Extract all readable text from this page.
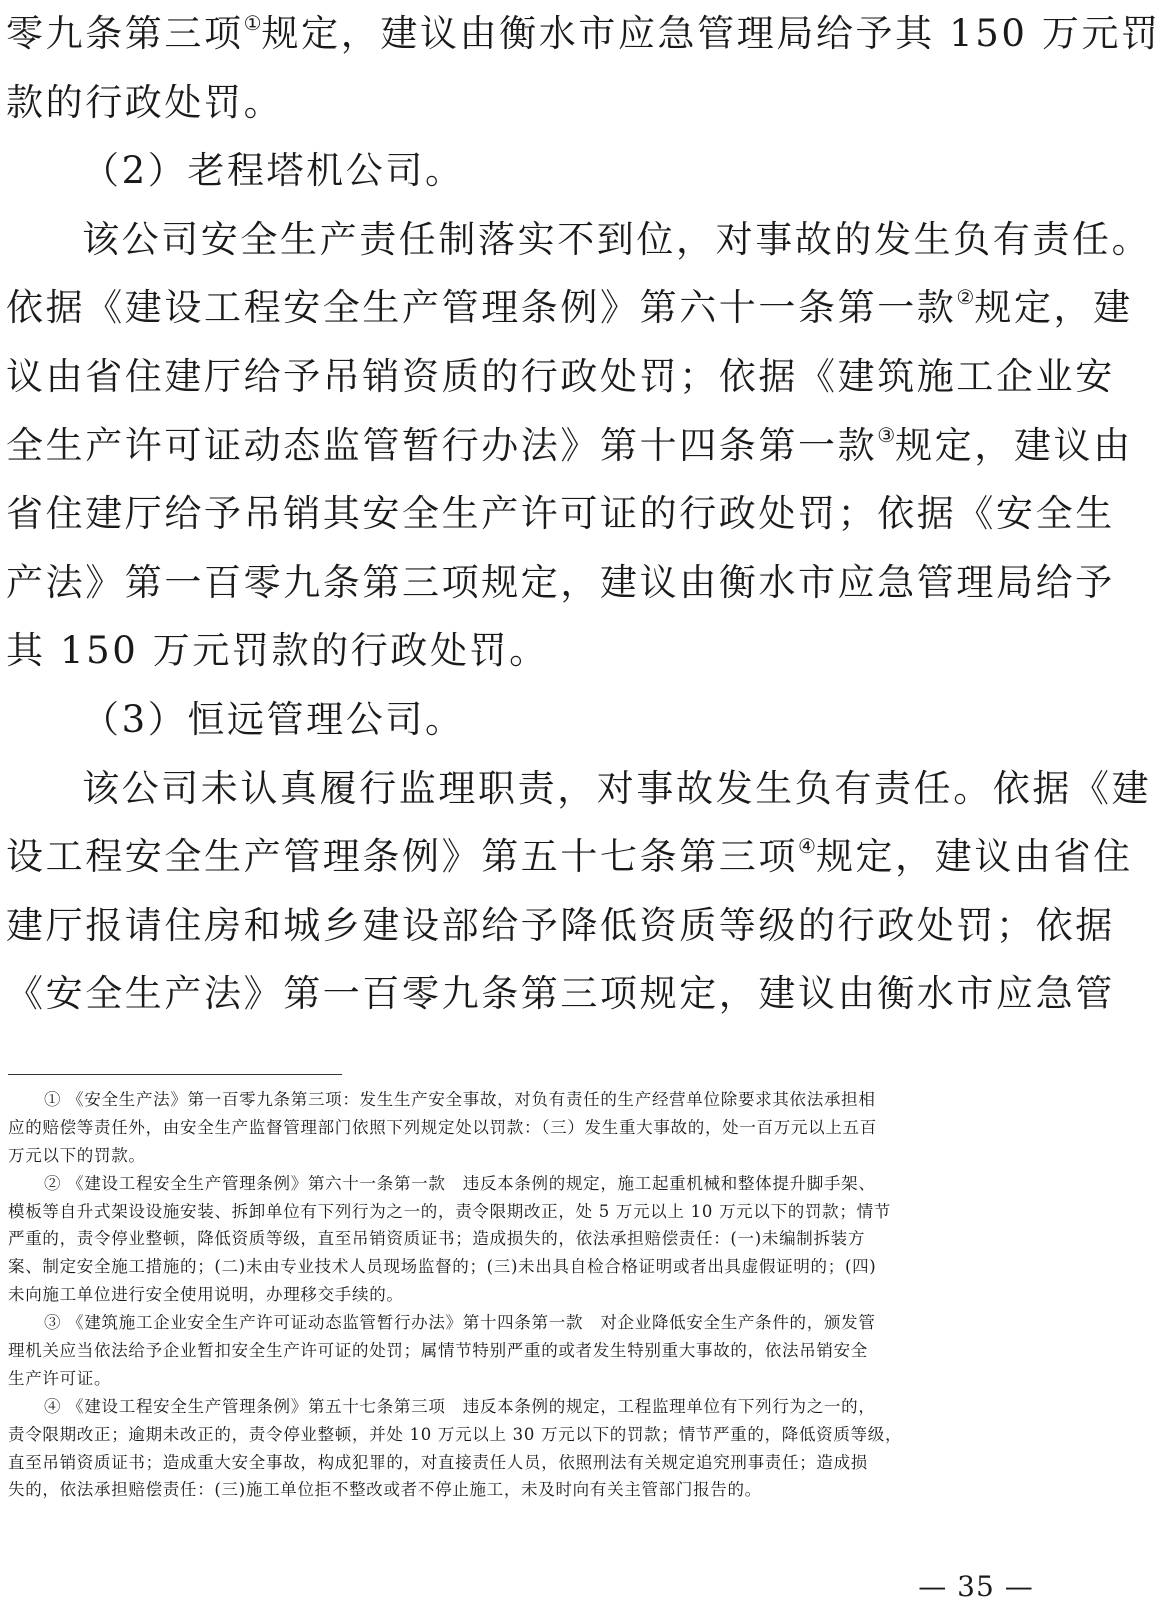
零九条第三项①规定，建议由衡水市应急管理局给予其 150 万元罚
款的行政处罚。
（2）老程塔机公司。
该公司安全生产责任制落实不到位，对事故的发生负有责任。
依据《建设工程安全生产管理条例》第六十一条第一款②规定，建
议由省住建厅给予吊销资质的行政处罚；依据《建筑施工企业安
全生产许可证动态监管暂行办法》第十四条第一款③规定，建议由
省住建厅给予吊销其安全生产许可证的行政处罚；依据《安全生
产法》第一百零九条第三项规定，建议由衡水市应急管理局给予
其 150 万元罚款的行政处罚。
（3）恒远管理公司。
该公司未认真履行监理职责，对事故发生负有责任。依据《建
设工程安全生产管理条例》第五十七条第三项④规定，建议由省住
建厅报请住房和城乡建设部给予降低资质等级的行政处罚；依据
《安全生产法》第一百零九条第三项规定，建议由衡水市应急管
① 《安全生产法》第一百零九条第三项：发生生产安全事故，对负有责任的生产经营单位除要求其依法承担相
应的赔偿等责任外，由安全生产监督管理部门依照下列规定处以罚款：（三）发生重大事故的，处一百万元以上五百
万元以下的罚款。
② 《建设工程安全生产管理条例》第六十一条第一款　违反本条例的规定，施工起重机械和整体提升脚手架、
模板等自升式架设设施安装、拆卸单位有下列行为之一的，责令限期改正，处 5 万元以上 10 万元以下的罚款；情节
严重的，责令停业整顿，降低资质等级，直至吊销资质证书；造成损失的，依法承担赔偿责任：(一)未编制拆装方
案、制定安全施工措施的；(二)未由专业技术人员现场监督的；(三)未出具自检合格证明或者出具虚假证明的；(四)
未向施工单位进行安全使用说明，办理移交手续的。
③ 《建筑施工企业安全生产许可证动态监管暂行办法》第十四条第一款　对企业降低安全生产条件的，颁发管
理机关应当依法给予企业暂扣安全生产许可证的处罚；属情节特别严重的或者发生特别重大事故的，依法吊销安全
生产许可证。
④ 《建设工程安全生产管理条例》第五十七条第三项　违反本条例的规定，工程监理单位有下列行为之一的，
责令限期改正；逾期未改正的，责令停业整顿，并处 10 万元以上 30 万元以下的罚款；情节严重的，降低资质等级，
直至吊销资质证书；造成重大安全事故，构成犯罪的，对直接责任人员，依照刑法有关规定追究刑事责任；造成损
失的，依法承担赔偿责任：(三)施工单位拒不整改或者不停止施工，未及时向有关主管部门报告的。
— 35 —
